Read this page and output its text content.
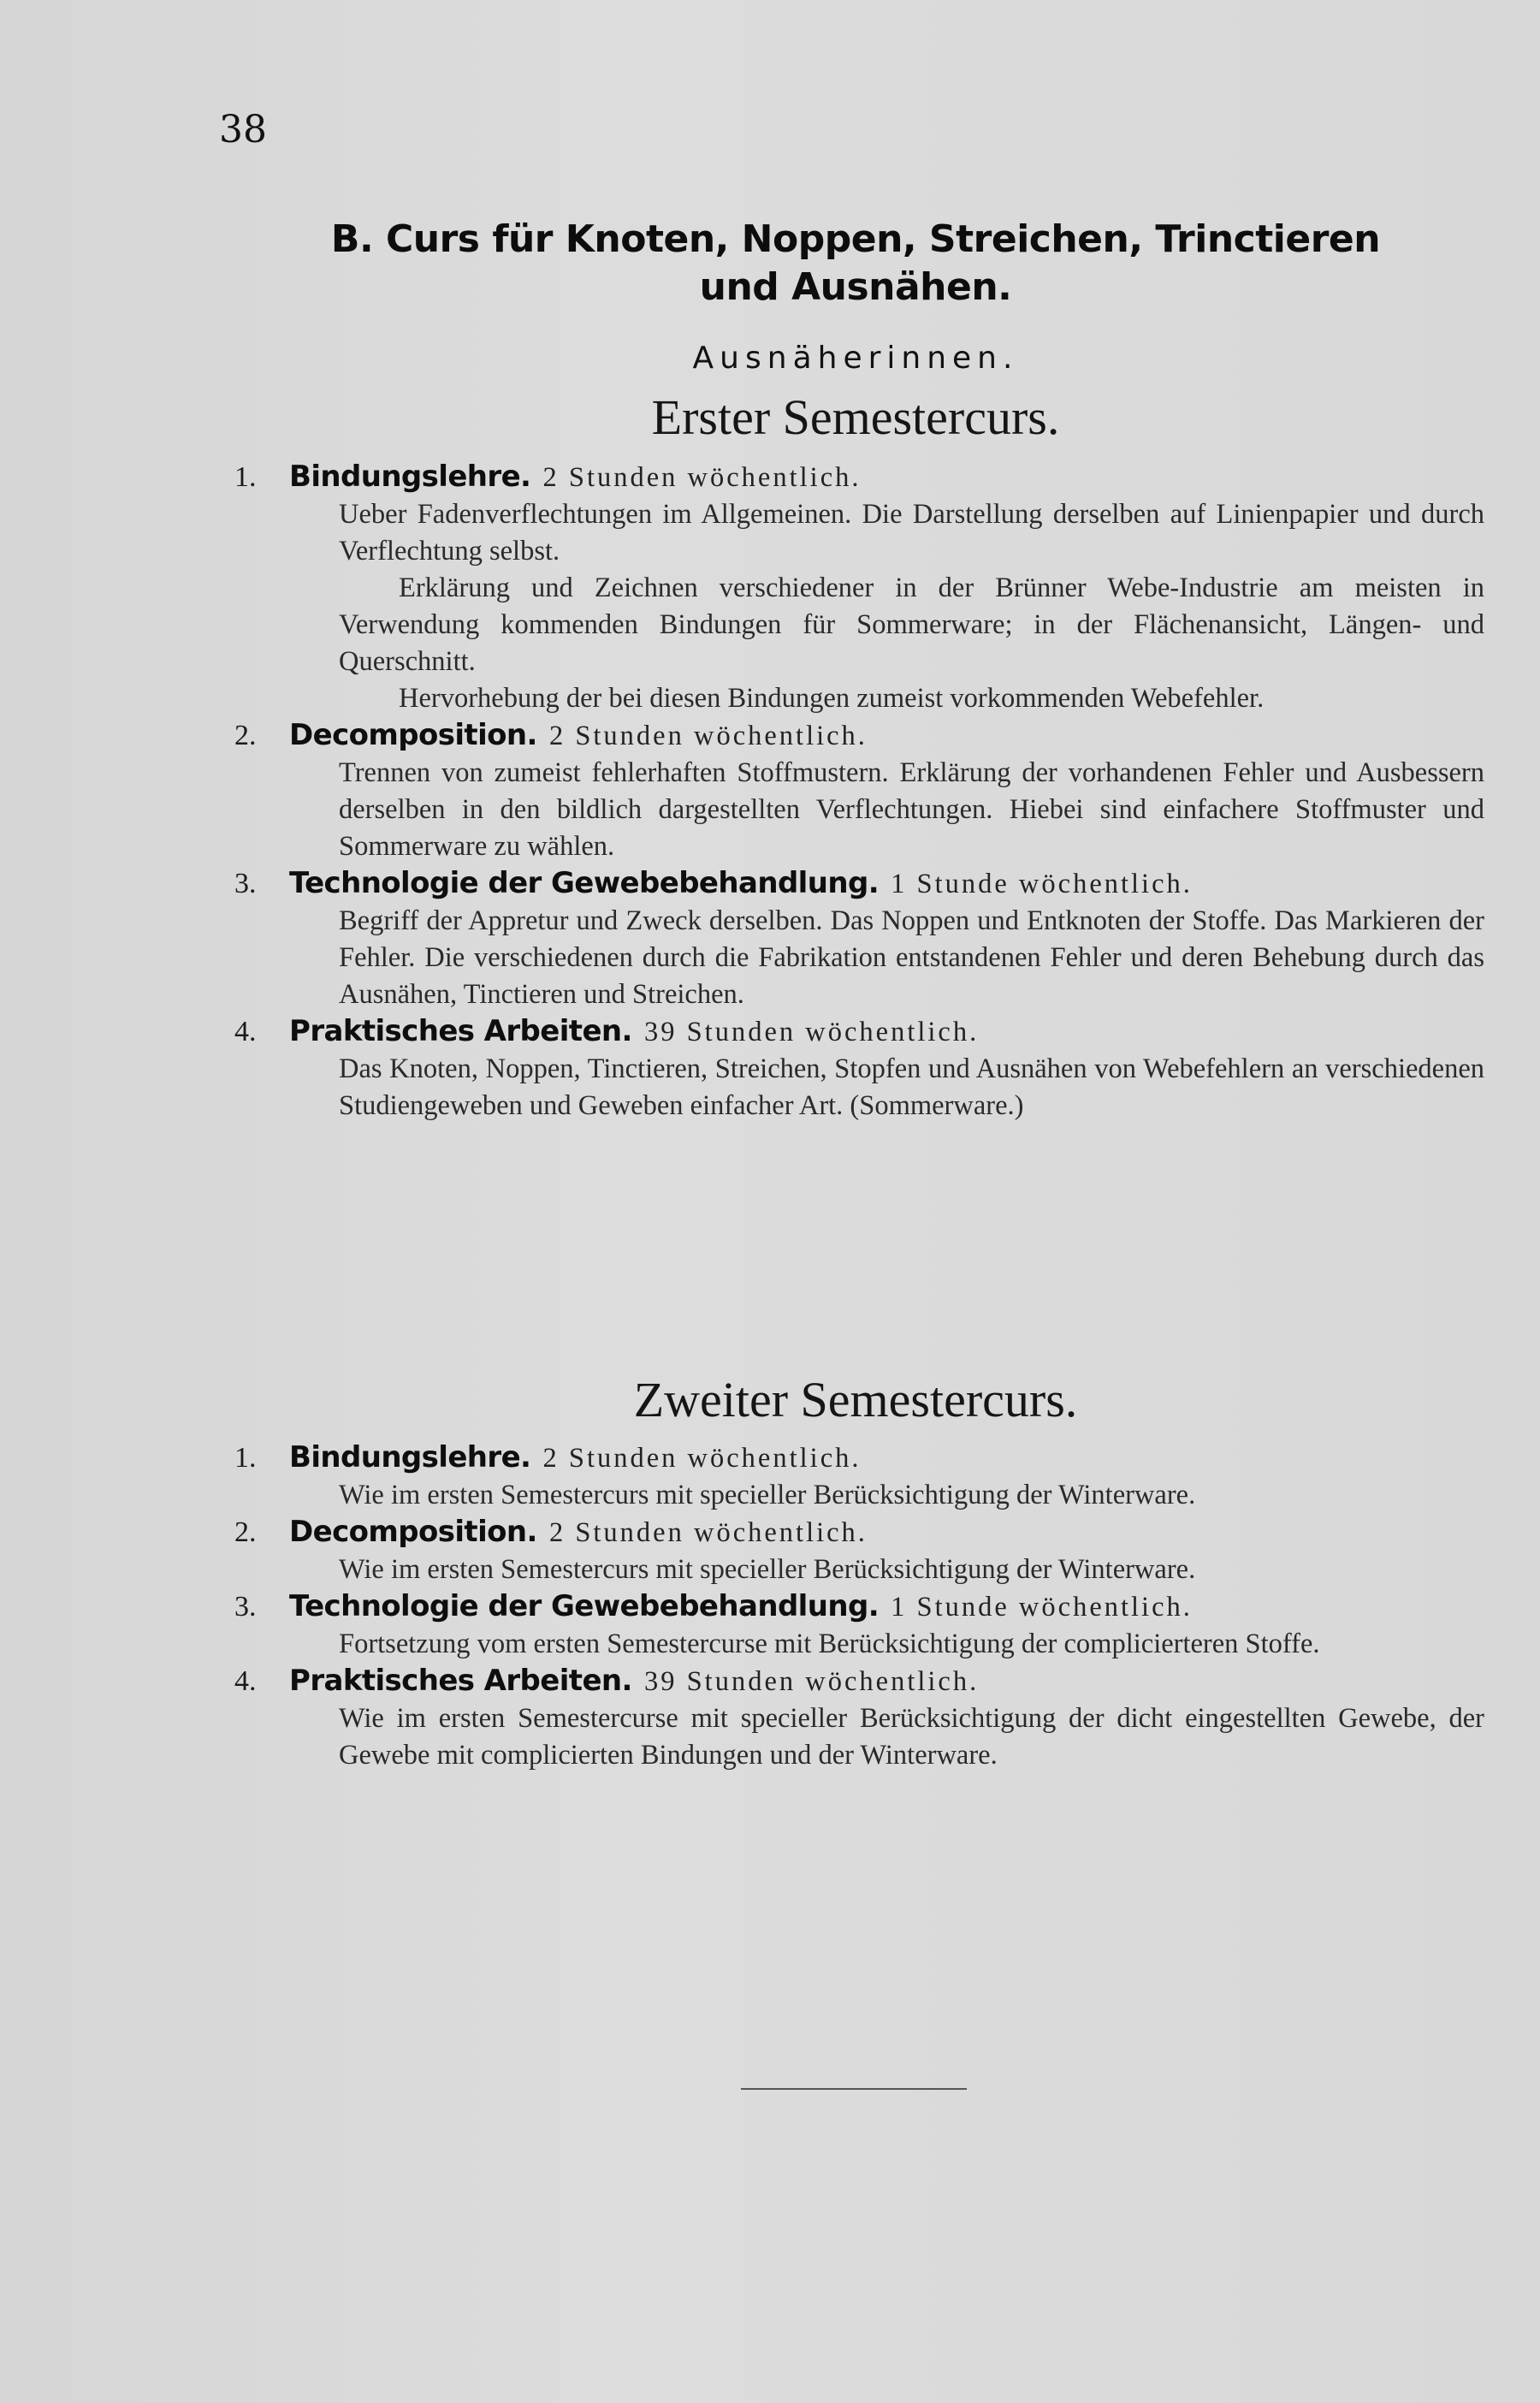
38
B. Curs für Knoten, Noppen, Streichen, Trinctieren und Ausnähen.
Ausnäherinnen.
Erster Semestercurs.
1. Bindungslehre. 2 Stunden wöchentlich.
Ueber Fadenverflechtungen im Allgemeinen. Die Darstellung derselben auf Linienpapier und durch Verflechtung selbst.
Erklärung und Zeichnen verschiedener in der Brünner Webe-Industrie am meisten in Verwendung kommenden Bindungen für Sommerware; in der Flächenansicht, Längen- und Querschnitt.
Hervorhebung der bei diesen Bindungen zumeist vorkommenden Webefehler.
2. Decomposition. 2 Stunden wöchentlich.
Trennen von zumeist fehlerhaften Stoffmustern. Erklärung der vorhandenen Fehler und Ausbessern derselben in den bildlich dargestellten Verflechtungen. Hiebei sind einfachere Stoffmuster und Sommerware zu wählen.
3. Technologie der Gewebebehandlung. 1 Stunde wöchentlich.
Begriff der Appretur und Zweck derselben. Das Noppen und Entknoten der Stoffe. Das Markieren der Fehler. Die verschiedenen durch die Fabrikation entstandenen Fehler und deren Behebung durch das Ausnähen, Tinctieren und Streichen.
4. Praktisches Arbeiten. 39 Stunden wöchentlich.
Das Knoten, Noppen, Tinctieren, Streichen, Stopfen und Ausnähen von Webefehlern an verschiedenen Studiengeweben und Geweben einfacher Art. (Sommerware.)
Zweiter Semestercurs.
1. Bindungslehre. 2 Stunden wöchentlich.
Wie im ersten Semestercurs mit specieller Berücksichtigung der Winterware.
2. Decomposition. 2 Stunden wöchentlich.
Wie im ersten Semestercurs mit specieller Berücksichtigung der Winterware.
3. Technologie der Gewebebehandlung. 1 Stunde wöchentlich.
Fortsetzung vom ersten Semestercurse mit Berücksichtigung der complicierteren Stoffe.
4. Praktisches Arbeiten. 39 Stunden wöchentlich.
Wie im ersten Semestercurse mit specieller Berücksichtigung der dicht eingestellten Gewebe, der Gewebe mit complicierten Bindungen und der Winterware.
